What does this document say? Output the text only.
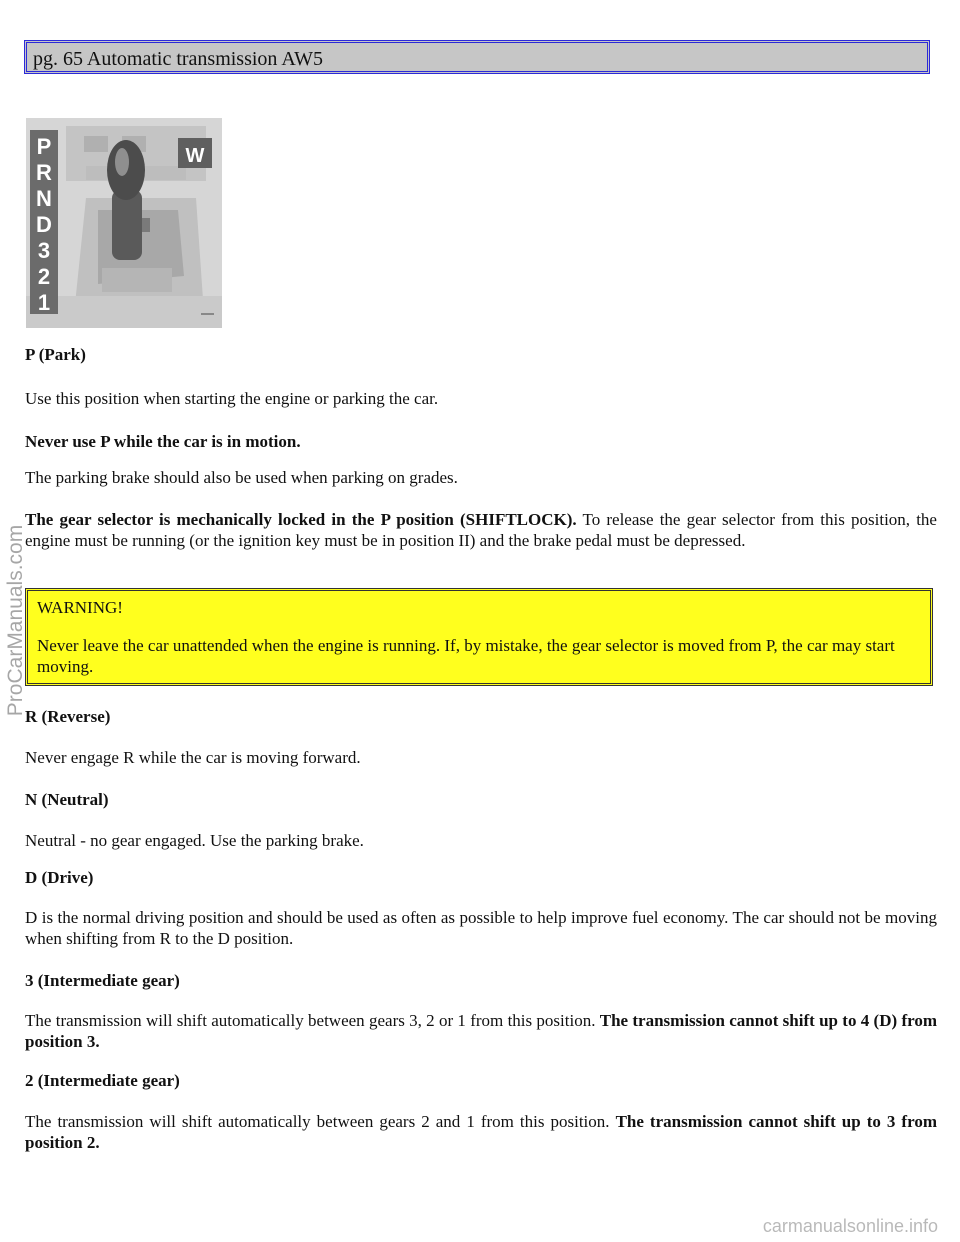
pg. 65 Automatic transmission AW5
P
R
N
D
3
2
1
W

P (Park)

Use this position when starting the engine or parking the car.

Never use P while the car is in motion.

The parking brake should also be used when parking on grades.

The gear selector is mechanically locked in the P position (SHIFTLOCK). To release the gear selector from this position, the engine must be running (or the ignition key must be in position II) and the brake pedal must be depressed.

WARNING!

Never leave the car unattended when the engine is running. If, by mistake, the gear selector is moved from P, the car may start moving.

R (Reverse)

Never engage R while the car is moving forward.

N (Neutral)

Neutral - no gear engaged. Use the parking brake.

D (Drive)

D is the normal driving position and should be used as often as possible to help improve fuel economy. The car should not be moving when shifting from R to the D position.

3 (Intermediate gear)

The transmission will shift automatically between gears 3, 2 or 1 from this position. The transmission cannot shift up to 4 (D) from position 3.

2 (Intermediate gear)

The transmission will shift automatically between gears 2 and 1 from this position. The transmission cannot shift up to 3 from position 2.

ProCarManuals.com
carmanualsonline.info
